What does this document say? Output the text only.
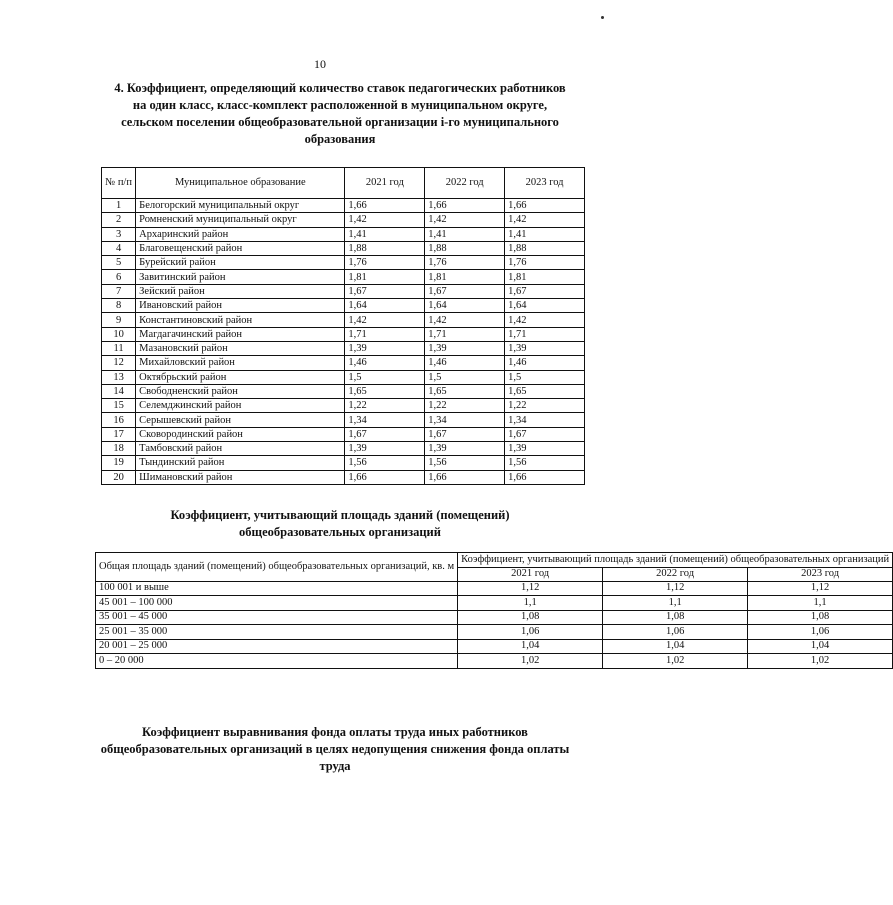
10
4. Коэффициент, определяющий количество ставок педагогических работников на один класс, класс-комплект расположенной в муниципальном округе, сельском поселении общеобразовательной организации i-го муниципального образования
№ п/п	Муниципальное образование	2021 год	2022 год	2023 год
1	Белогорский муниципальный округ	1,66	1,66	1,66
2	Ромненский муниципальный округ	1,42	1,42	1,42
3	Архаринский район	1,41	1,41	1,41
4	Благовещенский район	1,88	1,88	1,88
5	Бурейский район	1,76	1,76	1,76
6	Завитинский район	1,81	1,81	1,81
7	Зейский район	1,67	1,67	1,67
8	Ивановский район	1,64	1,64	1,64
9	Константиновский район	1,42	1,42	1,42
10	Магдагачинский район	1,71	1,71	1,71
11	Мазановский район	1,39	1,39	1,39
12	Михайловский район	1,46	1,46	1,46
13	Октябрьский район	1,5	1,5	1,5
14	Свободненский район	1,65	1,65	1,65
15	Селемджинский район	1,22	1,22	1,22
16	Серышевский район	1,34	1,34	1,34
17	Сковородинский район	1,67	1,67	1,67
18	Тамбовский район	1,39	1,39	1,39
19	Тындинский район	1,56	1,56	1,56
20	Шимановский район	1,66	1,66	1,66
Коэффициент, учитывающий площадь зданий (помещений) общеобразовательных организаций
Общая площадь зданий (помещений) общеобразовательных организаций, кв. м	Коэффициент, учитывающий площадь зданий (помещений) общеобразовательных организаций		
	2021 год	2022 год	2023 год
100 001 и выше	1,12	1,12	1,12
45 001 – 100 000	1,1	1,1	1,1
35 001 – 45 000	1,08	1,08	1,08
25 001 – 35 000	1,06	1,06	1,06
20 001 – 25 000	1,04	1,04	1,04
0 – 20 000	1,02	1,02	1,02
Коэффициент выравнивания фонда оплаты труда иных работников общеобразовательных организаций в целях недопущения снижения фонда оплаты труда
